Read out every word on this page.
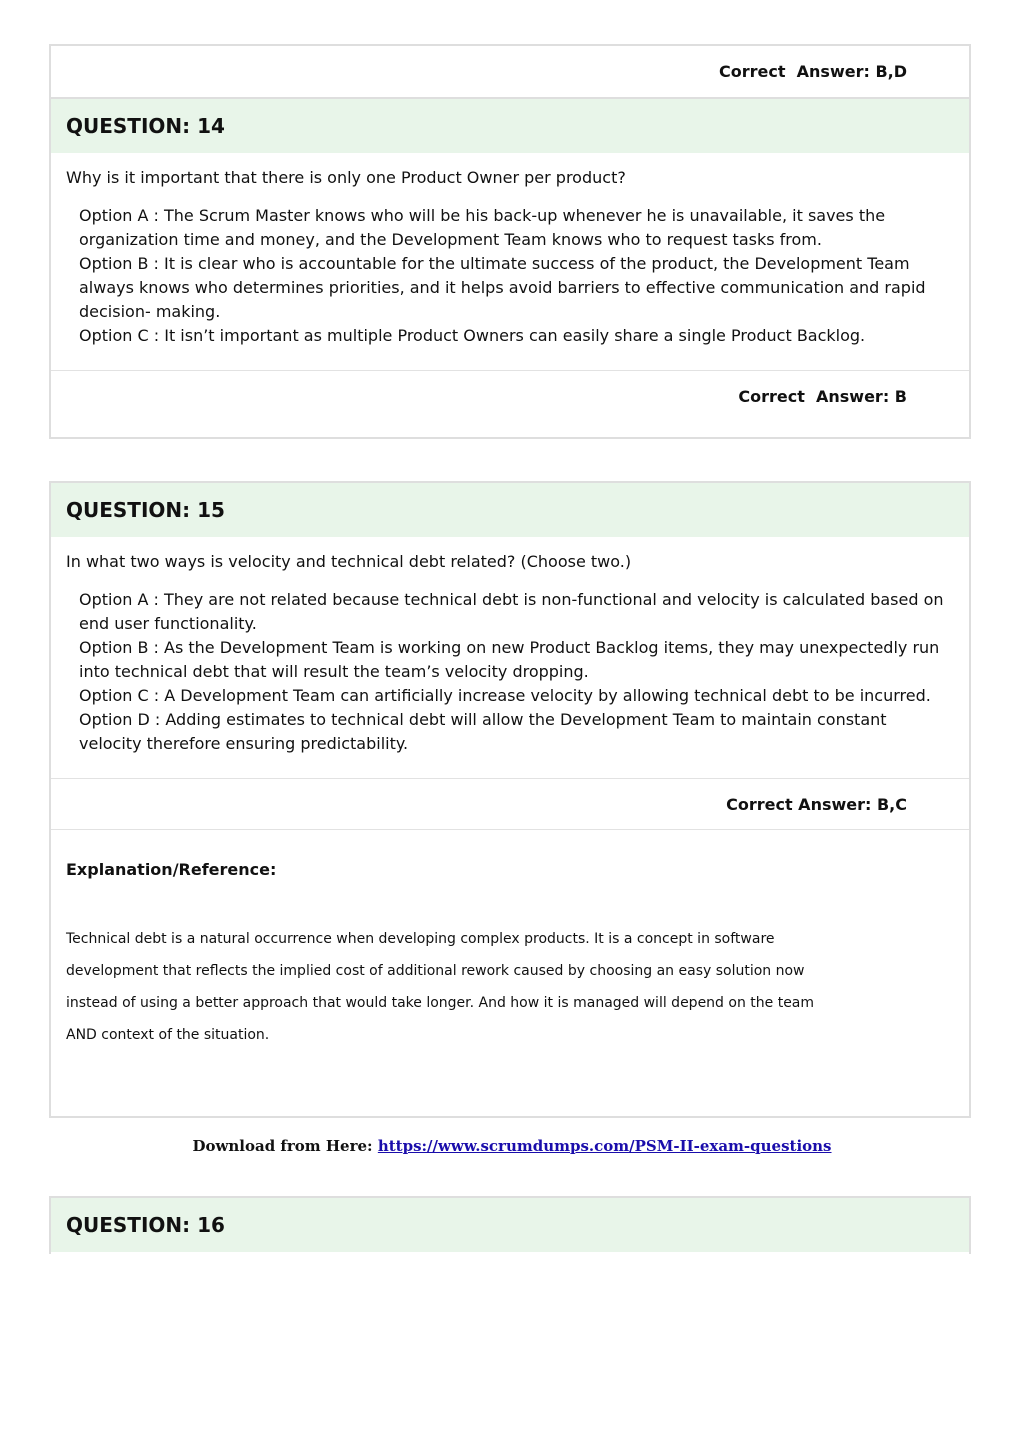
Correct  Answer:
B,D
QUESTION: 14

Why is it important that there is only one Product Owner per product?

Option A : The Scrum Master knows who will be his back-up whenever he is unavailable, it saves the organization time and money, and the Development Team knows who to request tasks from.

Option B : It is clear who is accountable for the ultimate success of the product, the Development Team always knows who determines priorities, and it helps avoid barriers to effective communication and rapid decision- making.

Option C : It isn’t important as multiple Product Owners can easily share a single Product Backlog.

Correct  Answer:
B
QUESTION: 15

In what two ways is velocity and technical debt related? (Choose two.)

Option A : They are not related because technical debt is non-functional and velocity is calculated based on end user functionality.

Option B : As the Development Team is working on new Product Backlog items, they may unexpectedly run into technical debt that will result the team’s velocity dropping.

Option C : A Development Team can artificially increase velocity by allowing technical debt to be incurred.

Option D : Adding estimates to technical debt will allow the Development Team to maintain constant velocity therefore ensuring predictability.

Correct Answer:
B,C

Explanation/Reference:

Technical debt is a natural occurrence when developing complex products. It is a concept in software

development that reflects the implied cost of additional rework caused by choosing an easy solution now

instead of using a better approach that would take longer. And how it is managed will depend on the team

AND context of the situation.

Download from Here: https://www.scrumdumps.com/PSM-II-exam-questions
QUESTION: 16
